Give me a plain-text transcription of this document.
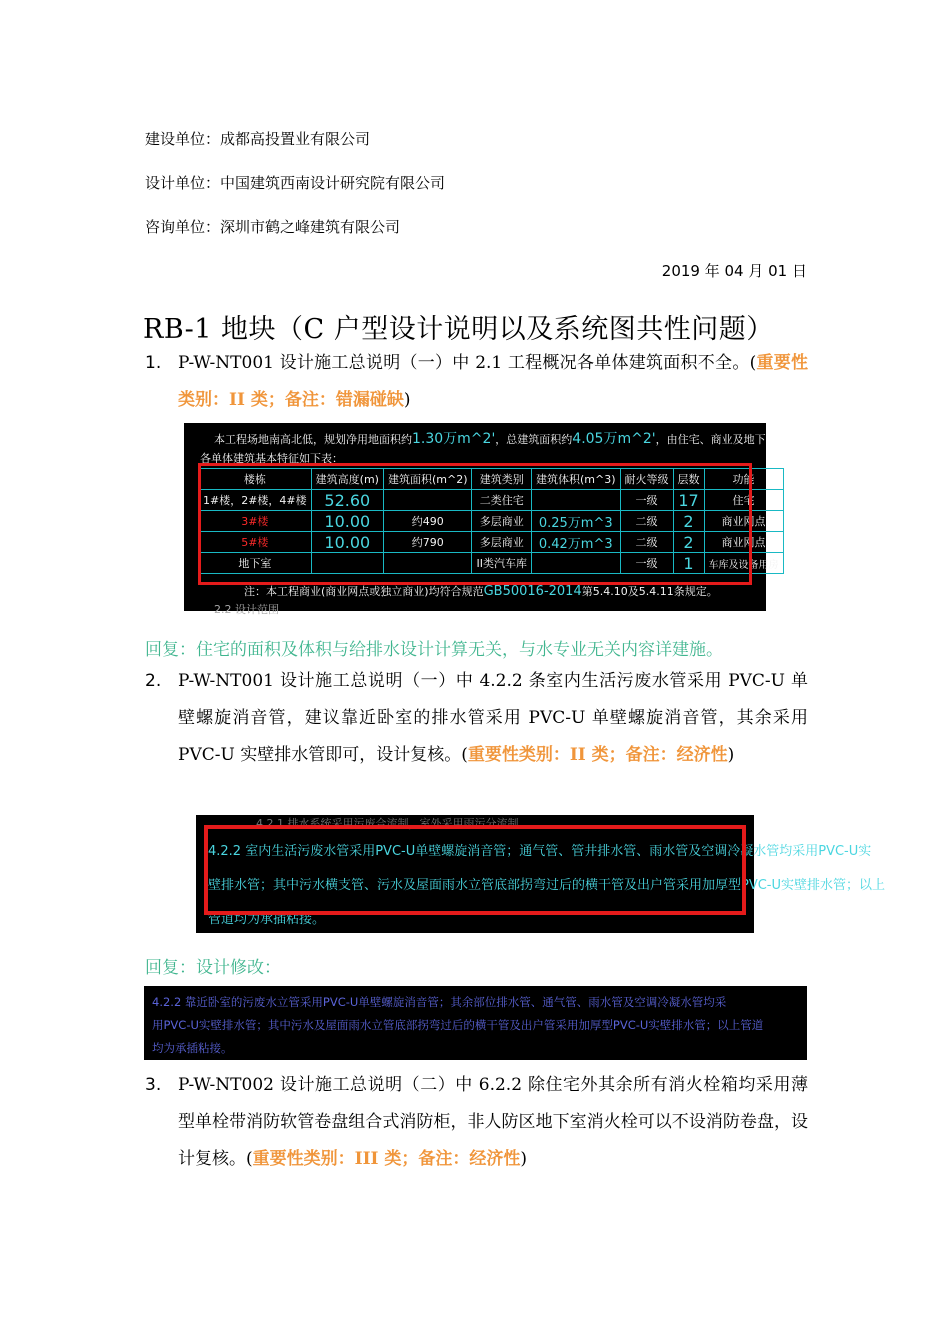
建设单位：成都高投置业有限公司
设计单位：中国建筑西南设计研究院有限公司
咨询单位：深圳市鹤之峰建筑有限公司
2019 年 04 月 01 日
RB-1 地块（C 户型设计说明以及系统图共性问题）
1. P-W-NT001 设计施工总说明（一）中 2.1 工程概况各单体建筑面积不全。(重要性类别：II 类；备注：错漏碰缺)
本工程场地南高北低，规划净用地面积约1.30万m^2'，总建筑面积约4.05万m^2'，由住宅、商业及地下
各单体建筑基本特征如下表：
楼栋	建筑高度(m)	建筑面积(m^2)	建筑类别	建筑体积(m^3)	耐火等级	层数	功能
1#楼，2#楼，4#楼	52.60		二类住宅		一级	17	住宅
3#楼	10.00	约490	多层商业	0.25万m^3	二级	2	商业网点
5#楼	10.00	约790	多层商业	0.42万m^3	二级	2	商业网点
地下室			II类汽车库		一级	1	车库及设备用房
注：本工程商业(商业网点或独立商业)均符合规范GB50016-2014第5.4.10及5.4.11条规定。
2.2 设计范围
回复：住宅的面积及体积与给排水设计计算无关，与水专业无关内容详建施。
2. P-W-NT001 设计施工总说明（一）中 4.2.2 条室内生活污废水管采用 PVC-U 单壁螺旋消音管，建议靠近卧室的排水管采用 PVC-U 单壁螺旋消音管，其余采用 PVC-U 实壁排水管即可，设计复核。(重要性类别：II 类；备注：经济性)
4.2.1 排水系统采用污废合流制，室外采用雨污分流制……
4.2.2 室内生活污废水管采用PVC-U单壁螺旋消音管；通气管、管井排水管、雨水管及空调冷凝水管均采用PVC-U实
壁排水管；其中污水横支管、污水及屋面雨水立管底部拐弯过后的横干管及出户管采用加厚型PVC-U实壁排水管；以上
管道均为承插粘接。
回复：设计修改：
4.2.2 靠近卧室的污废水立管采用PVC-U单壁螺旋消音管；其余部位排水管、通气管、雨水管及空调冷凝水管均采
用PVC-U实壁排水管；其中污水及屋面雨水立管底部拐弯过后的横干管及出户管采用加厚型PVC-U实壁排水管；以上管道
均为承插粘接。
3. P-W-NT002 设计施工总说明（二）中 6.2.2 除住宅外其余所有消火栓箱均采用薄型单栓带消防软管卷盘组合式消防柜，非人防区地下室消火栓可以不设消防卷盘，设计复核。(重要性类别：III 类；备注：经济性)
